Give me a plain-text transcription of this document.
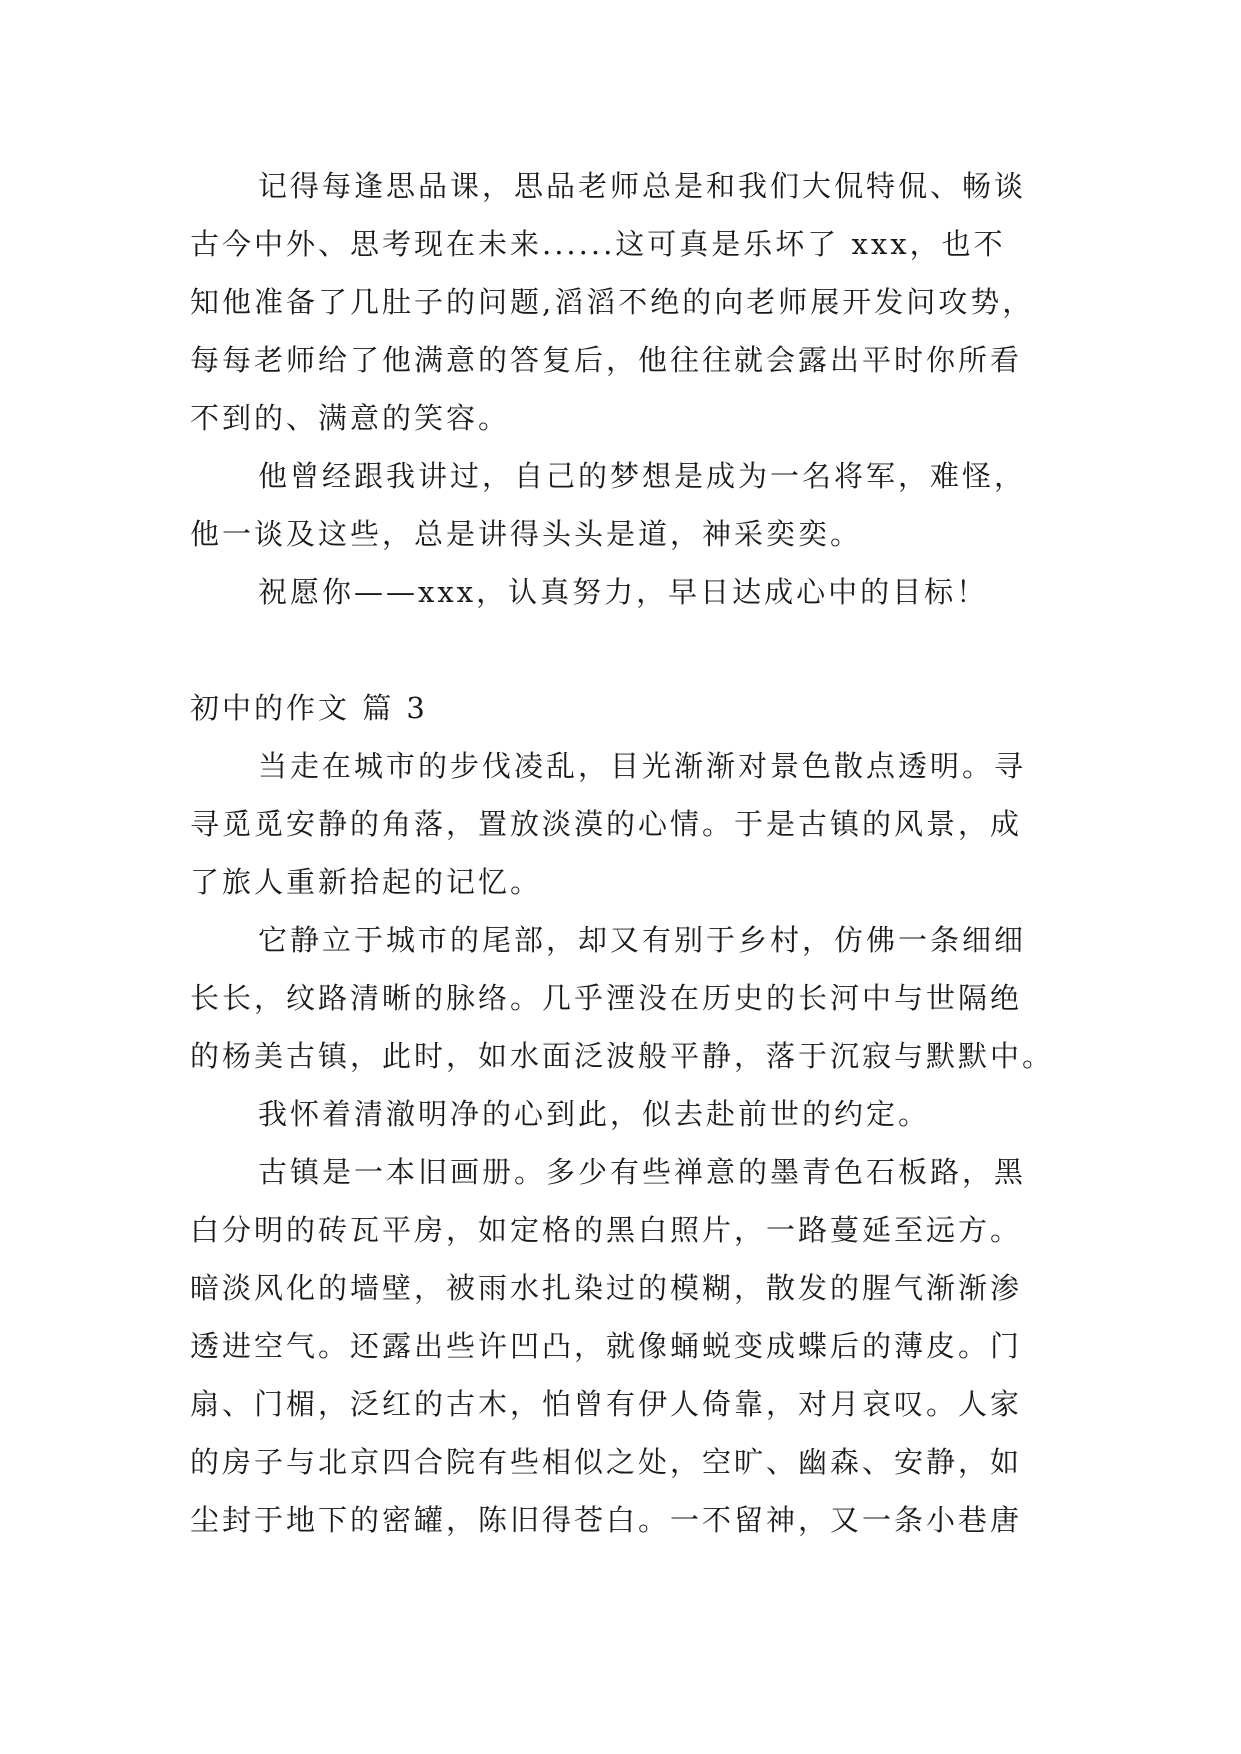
记得每逢思品课，思品老师总是和我们大侃特侃、畅谈
古今中外、思考现在未来......这可真是乐坏了 xxx，也不
知他准备了几肚子的问题,滔滔不绝的向老师展开发问攻势，
每每老师给了他满意的答复后，他往往就会露出平时你所看
不到的、满意的笑容。
他曾经跟我讲过，自己的梦想是成为一名将军，难怪，
他一谈及这些，总是讲得头头是道，神采奕奕。
祝愿你——xxx，认真努力，早日达成心中的目标！
初中的作文 篇 3
当走在城市的步伐凌乱，目光渐渐对景色散点透明。寻
寻觅觅安静的角落，置放淡漠的心情。于是古镇的风景，成
了旅人重新拾起的记忆。
它静立于城市的尾部，却又有别于乡村，仿佛一条细细
长长，纹路清晰的脉络。几乎湮没在历史的长河中与世隔绝
的杨美古镇，此时，如水面泛波般平静，落于沉寂与默默中。
我怀着清澈明净的心到此，似去赴前世的约定。
古镇是一本旧画册。多少有些禅意的墨青色石板路，黑
白分明的砖瓦平房，如定格的黑白照片，一路蔓延至远方。
暗淡风化的墙壁，被雨水扎染过的模糊，散发的腥气渐渐渗
透进空气。还露出些许凹凸，就像蛹蜕变成蝶后的薄皮。门
扇、门楣，泛红的古木，怕曾有伊人倚靠，对月哀叹。人家
的房子与北京四合院有些相似之处，空旷、幽森、安静，如
尘封于地下的密罐，陈旧得苍白。一不留神，又一条小巷唐
